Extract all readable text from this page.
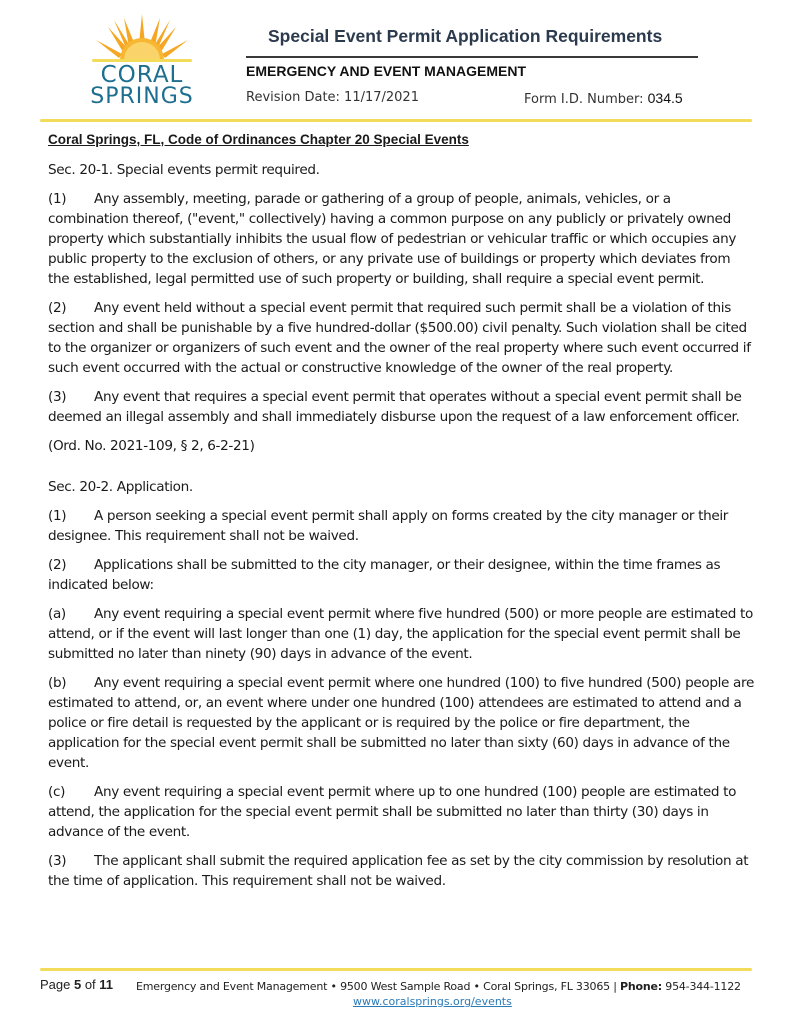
CORAL
SPRINGS
Special Event Permit Application Requirements
EMERGENCY AND EVENT MANAGEMENT
Revision Date: 11/17/2021	Form I.D. Number: 034.5

Coral Springs, FL, Code of Ordinances Chapter 20 Special Events

Sec. 20-1. Special events permit required.

(1) Any assembly, meeting, parade or gathering of a group of people, animals, vehicles, or a combination thereof, ("event," collectively) having a common purpose on any publicly or privately owned property which substantially inhibits the usual flow of pedestrian or vehicular traffic or which occupies any public property to the exclusion of others, or any private use of buildings or property which deviates from the established, legal permitted use of such property or building, shall require a special event permit.

(2) Any event held without a special event permit that required such permit shall be a violation of this section and shall be punishable by a five hundred-dollar ($500.00) civil penalty. Such violation shall be cited to the organizer or organizers of such event and the owner of the real property where such event occurred if such event occurred with the actual or constructive knowledge of the owner of the real property.

(3) Any event that requires a special event permit that operates without a special event permit shall be deemed an illegal assembly and shall immediately disburse upon the request of a law enforcement officer.

(Ord. No. 2021-109, § 2, 6-2-21)

Sec. 20-2. Application.

(1) A person seeking a special event permit shall apply on forms created by the city manager or their designee. This requirement shall not be waived.

(2) Applications shall be submitted to the city manager, or their designee, within the time frames as indicated below:

(a) Any event requiring a special event permit where five hundred (500) or more people are estimated to attend, or if the event will last longer than one (1) day, the application for the special event permit shall be submitted no later than ninety (90) days in advance of the event.

(b) Any event requiring a special event permit where one hundred (100) to five hundred (500) people are estimated to attend, or, an event where under one hundred (100) attendees are estimated to attend and a police or fire detail is requested by the applicant or is required by the police or fire department, the application for the special event permit shall be submitted no later than sixty (60) days in advance of the event.

(c) Any event requiring a special event permit where up to one hundred (100) people are estimated to attend, the application for the special event permit shall be submitted no later than thirty (30) days in advance of the event.

(3) The applicant shall submit the required application fee as set by the city commission by resolution at the time of application. This requirement shall not be waived.

Page 5 of 11 Emergency and Event Management • 9500 West Sample Road • Coral Springs, FL 33065 | Phone: 954-344-1122
www.coralsprings.org/events
